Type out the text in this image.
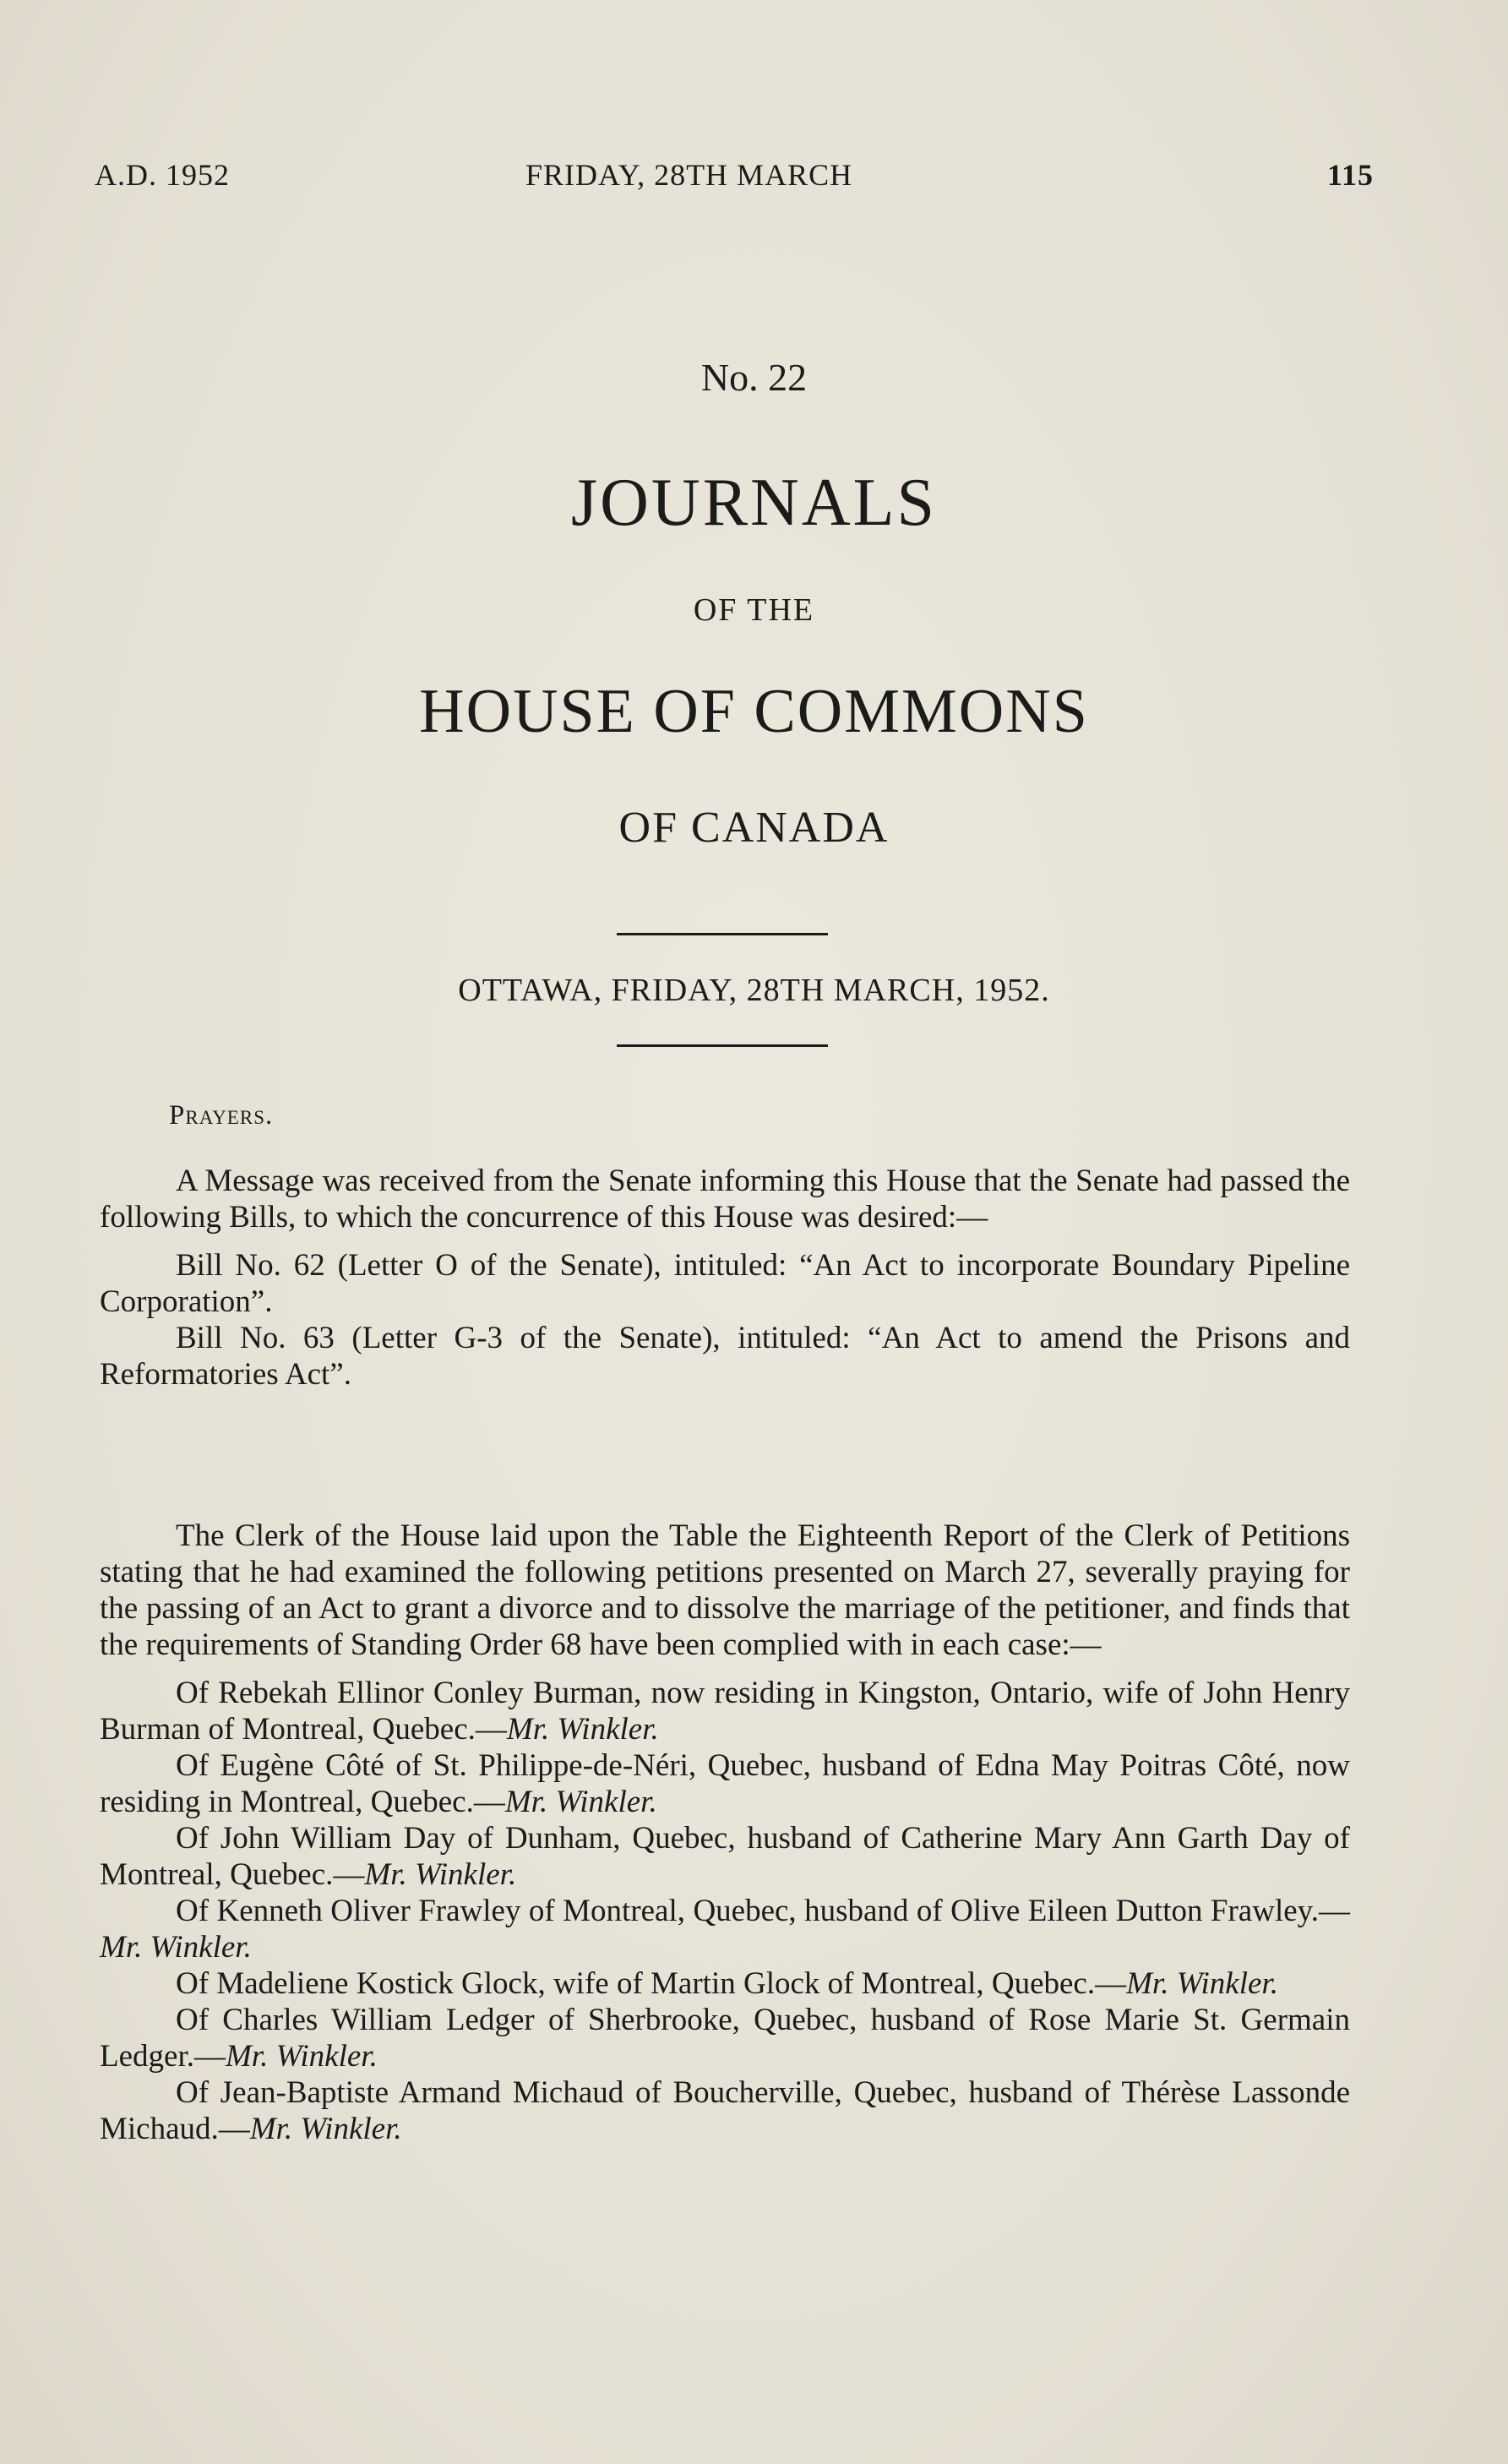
A.D. 1952	FRIDAY, 28TH MARCH	115
No. 22
JOURNALS
OF THE
HOUSE OF COMMONS
OF CANADA
OTTAWA, FRIDAY, 28TH MARCH, 1952.
Prayers.

A Message was received from the Senate informing this House that the Senate had passed the following Bills, to which the concurrence of this House was desired:—

Bill No. 62 (Letter O of the Senate), intituled: “An Act to incorporate Boundary Pipeline Corporation”.

Bill No. 63 (Letter G-3 of the Senate), intituled: “An Act to amend the Prisons and Reformatories Act”.

The Clerk of the House laid upon the Table the Eighteenth Report of the Clerk of Petitions stating that he had examined the following petitions presented on March 27, severally praying for the passing of an Act to grant a divorce and to dissolve the marriage of the petitioner, and finds that the requirements of Standing Order 68 have been complied with in each case:—

Of Rebekah Ellinor Conley Burman, now residing in Kingston, Ontario, wife of John Henry Burman of Montreal, Quebec.—Mr. Winkler.

Of Eugène Côté of St. Philippe-de-Néri, Quebec, husband of Edna May Poitras Côté, now residing in Montreal, Quebec.—Mr. Winkler.

Of John William Day of Dunham, Quebec, husband of Catherine Mary Ann Garth Day of Montreal, Quebec.—Mr. Winkler.

Of Kenneth Oliver Frawley of Montreal, Quebec, husband of Olive Eileen Dutton Frawley.—Mr. Winkler.

Of Madeliene Kostick Glock, wife of Martin Glock of Montreal, Quebec.—Mr. Winkler.

Of Charles William Ledger of Sherbrooke, Quebec, husband of Rose Marie St. Germain Ledger.—Mr. Winkler.

Of Jean-Baptiste Armand Michaud of Boucherville, Quebec, husband of Thérèse Lassonde Michaud.—Mr. Winkler.
